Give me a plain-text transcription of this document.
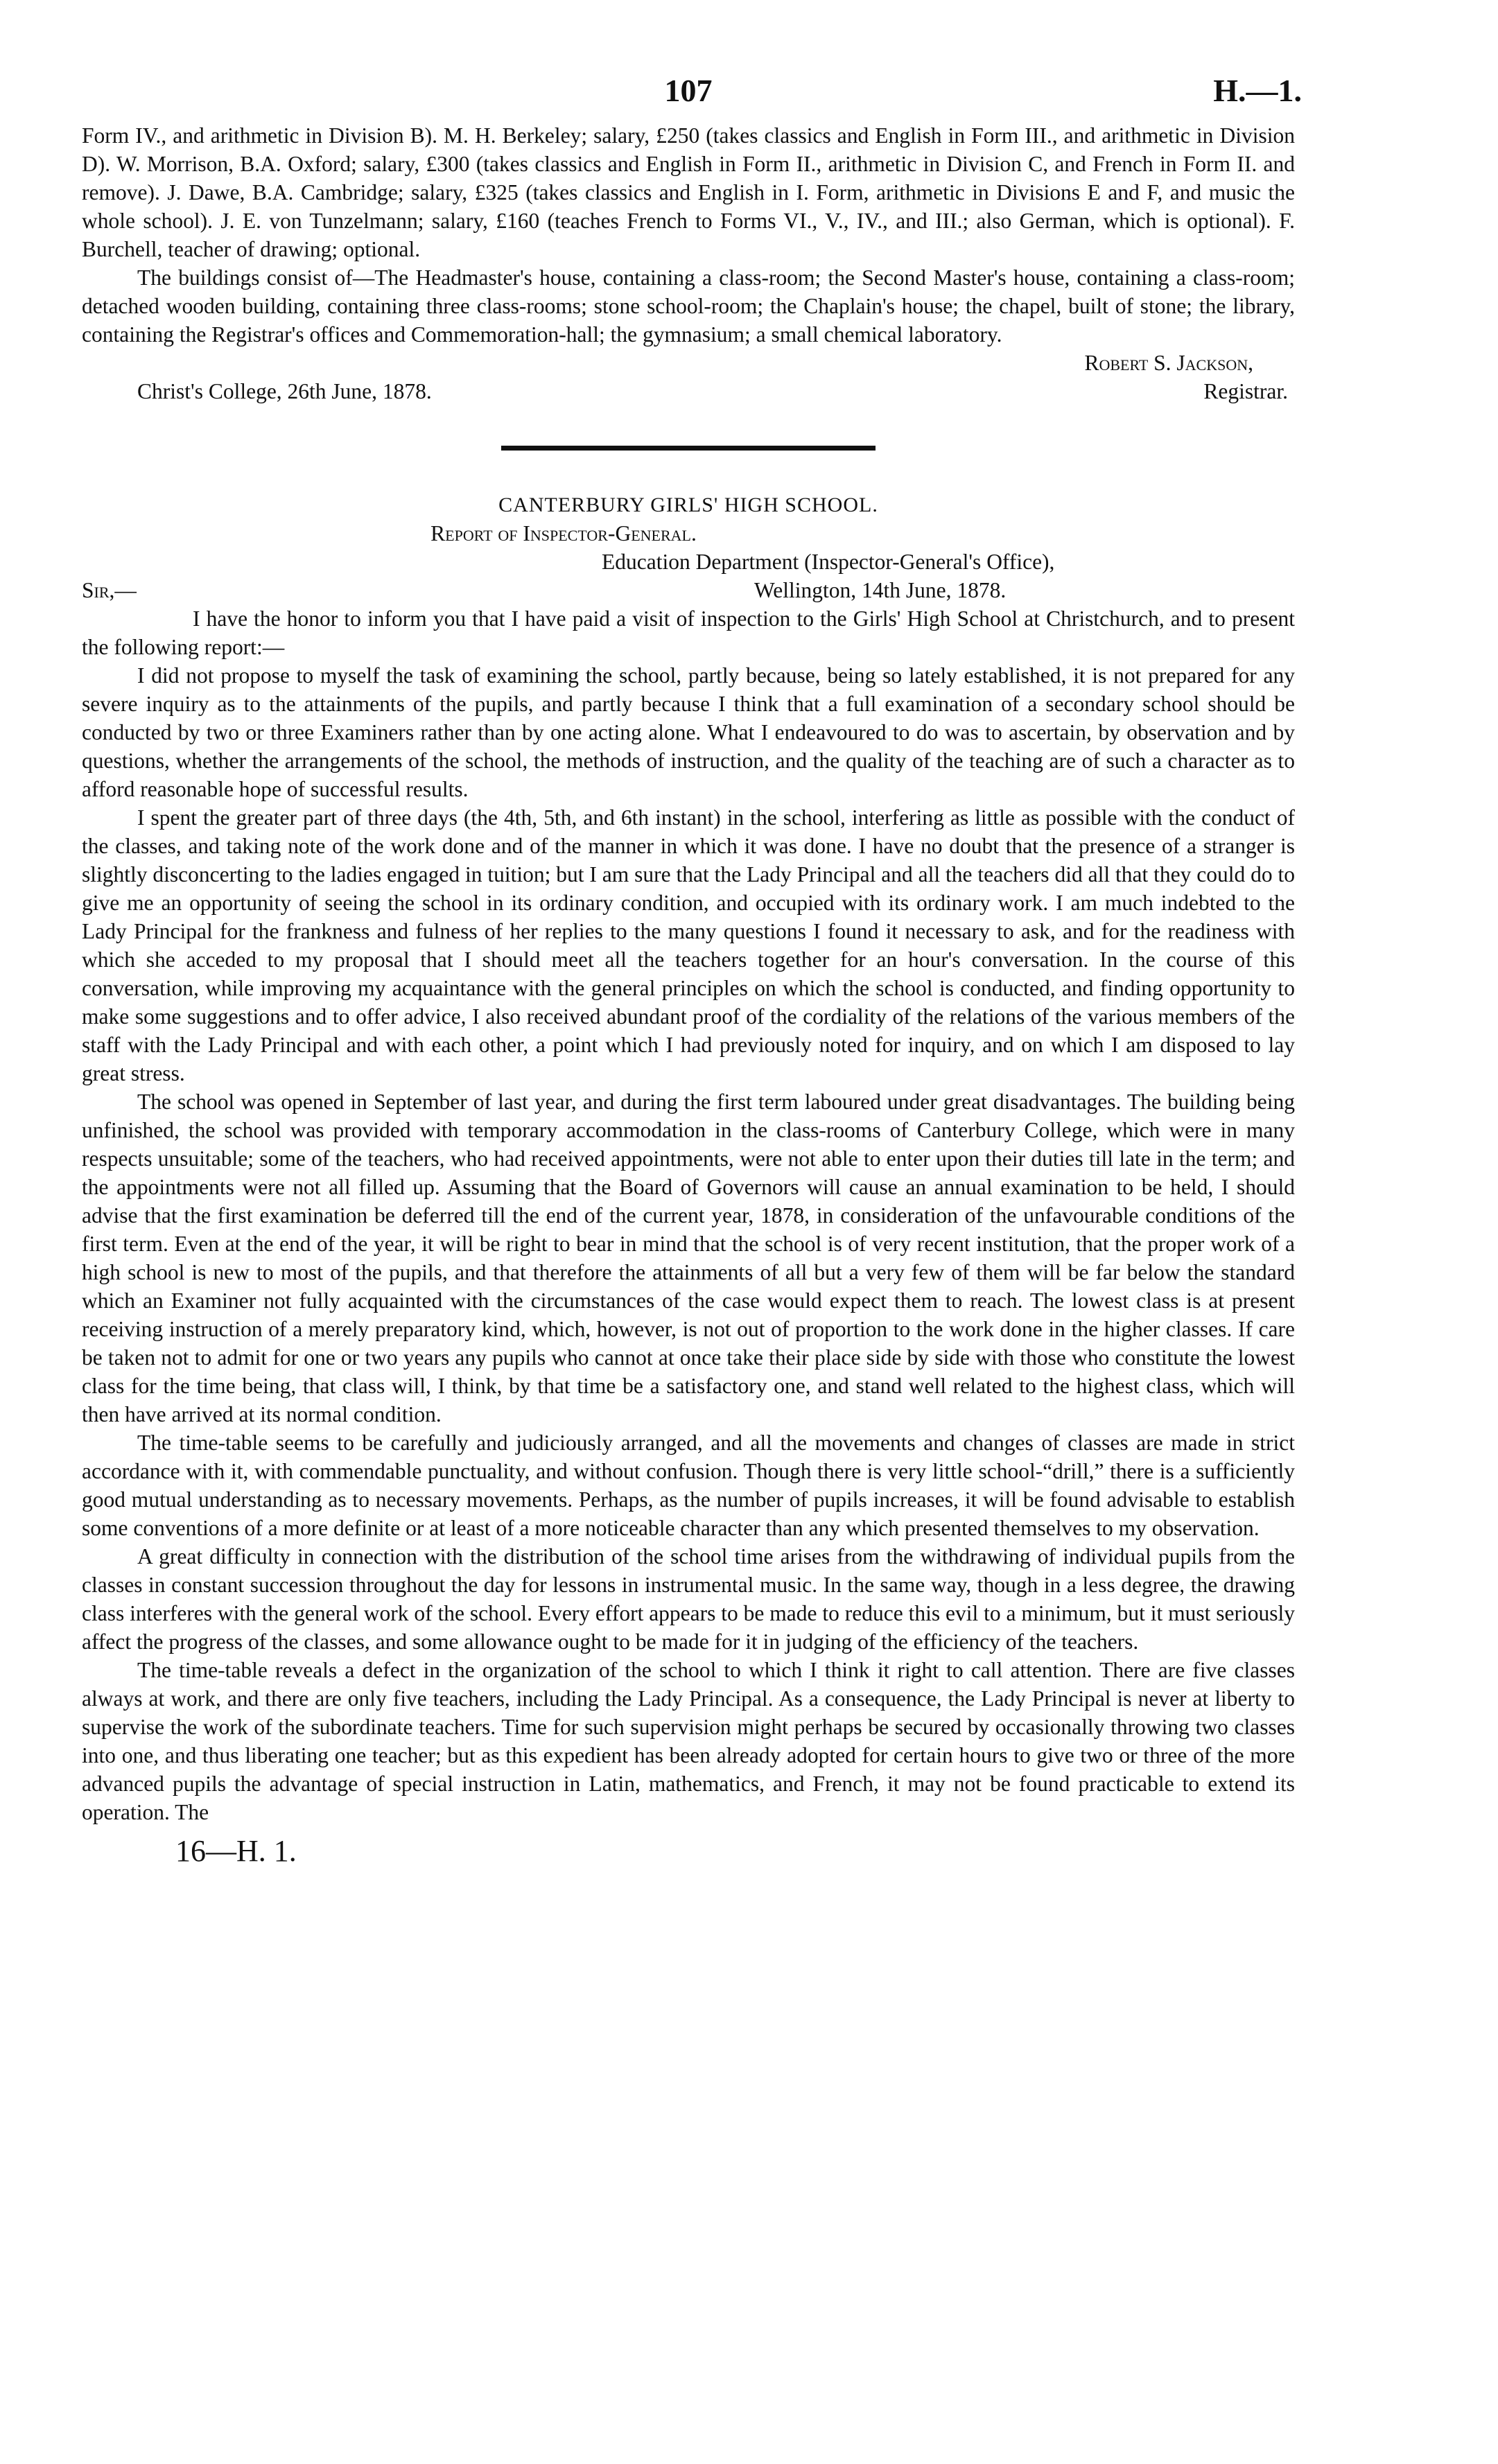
107	H.—1.

Form IV., and arithmetic in Division B). M. H. Berkeley; salary, £250 (takes classics and English in Form III., and arithmetic in Division D). W. Morrison, B.A. Oxford; salary, £300 (takes classics and English in Form II., arithmetic in Division C, and French in Form II. and remove). J. Dawe, B.A. Cambridge; salary, £325 (takes classics and English in I. Form, arithmetic in Divisions E and F, and music the whole school). J. E. von Tunzelmann; salary, £160 (teaches French to Forms VI., V., IV., and III.; also German, which is optional). F. Burchell, teacher of drawing; optional.

The buildings consist of—The Headmaster's house, containing a class-room; the Second Master's house, containing a class-room; detached wooden building, containing three class-rooms; stone school-room; the Chaplain's house; the chapel, built of stone; the library, containing the Registrar's offices and Commemoration-hall; the gymnasium; a small chemical laboratory.

Robert S. Jackson,
Christ's College, 26th June, 1878.	Registrar.

CANTERBURY GIRLS' HIGH SCHOOL.

Report of Inspector-General.

Education Department (Inspector-General's Office),
Sir,—	Wellington, 14th June, 1878.

I have the honor to inform you that I have paid a visit of inspection to the Girls' High School at Christchurch, and to present the following report:—

I did not propose to myself the task of examining the school, partly because, being so lately established, it is not prepared for any severe inquiry as to the attainments of the pupils, and partly because I think that a full examination of a secondary school should be conducted by two or three Examiners rather than by one acting alone. What I endeavoured to do was to ascertain, by observation and by questions, whether the arrangements of the school, the methods of instruction, and the quality of the teaching are of such a character as to afford reasonable hope of successful results.

I spent the greater part of three days (the 4th, 5th, and 6th instant) in the school, interfering as little as possible with the conduct of the classes, and taking note of the work done and of the manner in which it was done. I have no doubt that the presence of a stranger is slightly disconcerting to the ladies engaged in tuition; but I am sure that the Lady Principal and all the teachers did all that they could do to give me an opportunity of seeing the school in its ordinary condition, and occupied with its ordinary work. I am much indebted to the Lady Principal for the frankness and fulness of her replies to the many questions I found it necessary to ask, and for the readiness with which she acceded to my proposal that I should meet all the teachers together for an hour's conversation. In the course of this conversation, while improving my acquaintance with the general principles on which the school is conducted, and finding opportunity to make some suggestions and to offer advice, I also received abundant proof of the cordiality of the relations of the various members of the staff with the Lady Principal and with each other, a point which I had previously noted for inquiry, and on which I am disposed to lay great stress.

The school was opened in September of last year, and during the first term laboured under great disadvantages. The building being unfinished, the school was provided with temporary accommodation in the class-rooms of Canterbury College, which were in many respects unsuitable; some of the teachers, who had received appointments, were not able to enter upon their duties till late in the term; and the appointments were not all filled up. Assuming that the Board of Governors will cause an annual examination to be held, I should advise that the first examination be deferred till the end of the current year, 1878, in consideration of the unfavourable conditions of the first term. Even at the end of the year, it will be right to bear in mind that the school is of very recent institution, that the proper work of a high school is new to most of the pupils, and that therefore the attainments of all but a very few of them will be far below the standard which an Examiner not fully acquainted with the circumstances of the case would expect them to reach. The lowest class is at present receiving instruction of a merely preparatory kind, which, however, is not out of proportion to the work done in the higher classes. If care be taken not to admit for one or two years any pupils who cannot at once take their place side by side with those who constitute the lowest class for the time being, that class will, I think, by that time be a satisfactory one, and stand well related to the highest class, which will then have arrived at its normal condition.

The time-table seems to be carefully and judiciously arranged, and all the movements and changes of classes are made in strict accordance with it, with commendable punctuality, and without confusion. Though there is very little school-“drill,” there is a sufficiently good mutual understanding as to necessary movements. Perhaps, as the number of pupils increases, it will be found advisable to establish some conventions of a more definite or at least of a more noticeable character than any which presented themselves to my observation.

A great difficulty in connection with the distribution of the school time arises from the withdrawing of individual pupils from the classes in constant succession throughout the day for lessons in instrumental music. In the same way, though in a less degree, the drawing class interferes with the general work of the school. Every effort appears to be made to reduce this evil to a minimum, but it must seriously affect the progress of the classes, and some allowance ought to be made for it in judging of the efficiency of the teachers.

The time-table reveals a defect in the organization of the school to which I think it right to call attention. There are five classes always at work, and there are only five teachers, including the Lady Principal. As a consequence, the Lady Principal is never at liberty to supervise the work of the subordinate teachers. Time for such supervision might perhaps be secured by occasionally throwing two classes into one, and thus liberating one teacher; but as this expedient has been already adopted for certain hours to give two or three of the more advanced pupils the advantage of special instruction in Latin, mathematics, and French, it may not be found practicable to extend its operation. The

16—H. 1.
